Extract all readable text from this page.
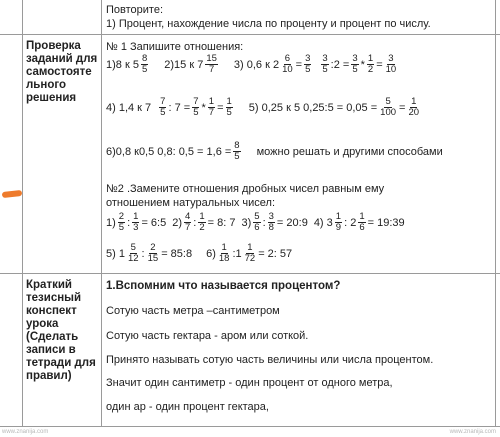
Повторите:
1) Процент, нахождение числа по проценту и процент по числу.
Проверка
заданий для
самостояте
льного
решения
№ 1 Запишите отношения:
1)8 к $5 \frac{8}{5} 2)15$ к $7 \frac{15}{7} 3$) 0,6 к $2 \frac{6}{10} = \frac{3}{5} \frac{3}{5}$ :2 = $\frac{3}{5} * \frac{1}{2} = \frac{3}{10}$
4) 1,4 к $7 \frac{7}{5}$ : $7 = \frac{7}{5} * \frac{1}{7} = \frac{1}{5} 5$) 0,25 к 5 0,25:5 = $0,05 = \frac{5}{100} = \frac{1}{20}$
6)0,8 к0,5 0,8: $0,5 = 1,6 = \frac{8}{5}$ можно решать и другими способами
№2 .Замените отношения дробных чисел равным ему
отношением натуральных чисел:
$1) \frac{2}{5}$ : $\frac{1}{3}$ = 6:5 $2) \frac{4}{7}$ : $\frac{1}{2} = 8$: 7 $3) \frac{5}{6}$ : $\frac{3}{8}$ = 20:9 4) $3 \frac{1}{9}$ : $2 \frac{1}{6}$ = 19:39
5) $1 \frac{5}{12}$ : $\frac{2}{15}$ = 85:8 $6) \frac{1}{18}$ :1 $\frac{1}{72} = 2$: 57
Краткий
тезисный
конспект
урока
(Сделать
записи в
тетради для
правил)
1.Вспомним что называется процентом?
Сотую часть метра –сантиметром
Сотую часть гектара - аром или соткой.
Принято называть сотую часть величины или числа процентом.
Значит один сантиметр - один процент от одного метра,
один ар - один процент гектара,
www.znanija.com	www.znanija.com
